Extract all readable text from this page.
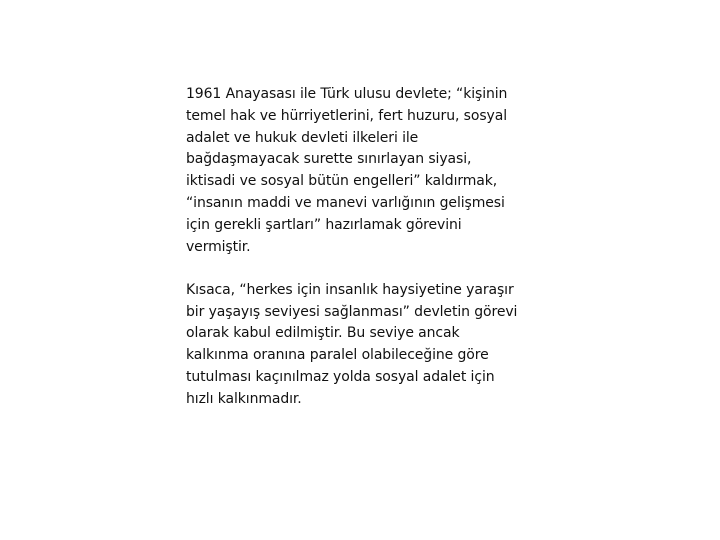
1961 Anayasası ile Türk ulusu devlete; “kişinin
temel hak ve hürriyetlerini, fert huzuru, sosyal
adalet ve hukuk devleti ilkeleri ile
bağdaşmayacak surette sınırlayan siyasi,
iktisadi ve sosyal bütün engelleri” kaldırmak,
“insanın maddi ve manevi varlığının gelişmesi
için gerekli şartları” hazırlamak görevini
vermiştir.

Kısaca, “herkes için insanlık haysiyetine yaraşır
bir yaşayış seviyesi sağlanması” devletin görevi
olarak kabul edilmiştir. Bu seviye ancak
kalkınma oranına paralel olabileceğine göre
tutulması kaçınılmaz yolda sosyal adalet için
hızlı kalkınmadır.
